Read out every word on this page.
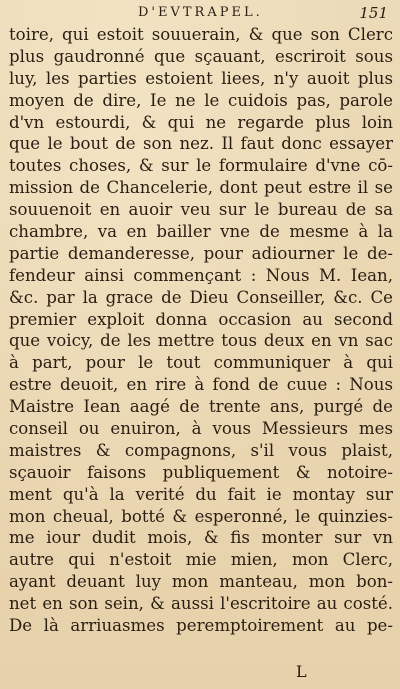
D'EVTRAPEL.	151
toire, qui estoit souuerain, & que son Clerc
plus gaudronné que sçauant, escriroit sous
luy, les parties estoient liees, n'y auoit plus
moyen de dire, Ie ne le cuidois pas, parole
d'vn estourdi, & qui ne regarde plus loin
que le bout de son nez. Il faut donc essayer
toutes choses, & sur le formulaire d'vne cō-
mission de Chancelerie, dont peut estre il se
souuenoit en auoir veu sur le bureau de sa
chambre, va en bailler vne de mesme à la
partie demanderesse, pour adiourner le de-
fendeur ainsi commençant : Nous M. Iean,
&c. par la grace de Dieu Conseiller, &c. Ce
premier exploit donna occasion au second
que voicy, de les mettre tous deux en vn sac
à part, pour le tout communiquer à qui
estre deuoit, en rire à fond de cuue : Nous
Maistre Iean aagé de trente ans, purgé de
conseil ou enuiron, à vous Messieurs mes
maistres & compagnons, s'il vous plaist,
sçauoir faisons publiquement & notoire-
ment qu'à la verité du fait ie montay sur
mon cheual, botté & esperonné, le quinzies-
me iour dudit mois, & fis monter sur vn
autre qui n'estoit mie mien, mon Clerc,
ayant deuant luy mon manteau, mon bon-
net en son sein, & aussi l'escritoire au costé.
De là arriuasmes peremptoirement au pe-
L
